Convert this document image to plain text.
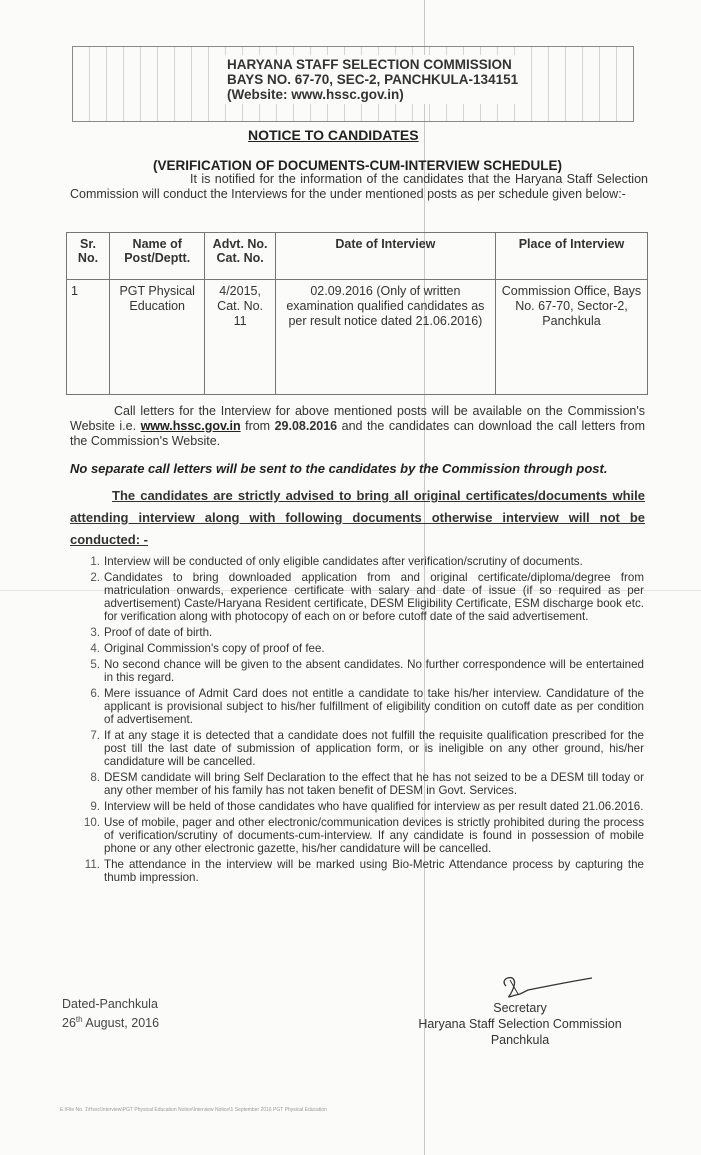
HARYANA STAFF SELECTION COMMISSION
BAYS NO. 67-70, SEC-2, PANCHKULA-134151
(Website: www.hssc.gov.in)
NOTICE TO CANDIDATES
(VERIFICATION OF DOCUMENTS-CUM-INTERVIEW SCHEDULE)
It is notified for the information of the candidates that the Haryana Staff Selection Commission will conduct the Interviews for the under mentioned posts as per schedule given below:-
Sr. No.	Name of Post/Deptt.	Advt. No. Cat. No.	Date of Interview	Place of Interview
1	PGT Physical Education	4/2015, Cat. No. 11	02.09.2016 (Only of written examination qualified candidates as per result notice dated 21.06.2016)	Commission Office, Bays No. 67-70, Sector-2, Panchkula
Call letters for the Interview for above mentioned posts will be available on the Commission's Website i.e. www.hssc.gov.in from 29.08.2016 and the candidates can download the call letters from the Commission's Website.
No separate call letters will be sent to the candidates by the Commission through post.
The candidates are strictly advised to bring all original certificates/documents while attending interview along with following documents otherwise interview will not be conducted: -
1. Interview will be conducted of only eligible candidates after verification/scrutiny of documents.
2. Candidates to bring downloaded application from and original certificate/diploma/degree from matriculation onwards, experience certificate with salary and date of issue (if so required as per advertisement) Caste/Haryana Resident certificate, DESM Eligibility Certificate, ESM discharge book etc. for verification along with photocopy of each on or before cutoff date of the said advertisement.
3. Proof of date of birth.
4. Original Commission's copy of proof of fee.
5. No second chance will be given to the absent candidates. No further correspondence will be entertained in this regard.
6. Mere issuance of Admit Card does not entitle a candidate to take his/her interview. Candidature of the applicant is provisional subject to his/her fulfillment of eligibility condition on cutoff date as per condition of advertisement.
7. If at any stage it is detected that a candidate does not fulfill the requisite qualification prescribed for the post till the last date of submission of application form, or is ineligible on any other ground, his/her candidature will be cancelled.
8. DESM candidate will bring Self Declaration to the effect that he has not seized to be a DESM till today or any other member of his family has not taken benefit of DESM in Govt. Services.
9. Interview will be held of those candidates who have qualified for interview as per result dated 21.06.2016.
10. Use of mobile, pager and other electronic/communication devices is strictly prohibited during the process of verification/scrutiny of documents-cum-interview. If any candidate is found in possession of mobile phone or any other electronic gazette, his/her candidature will be cancelled.
11. The attendance in the interview will be marked using Bio-Metric Attendance process by capturing the thumb impression.
Dated-Panchkula
26th August, 2016
Secretary
Haryana Staff Selection Commission
Panchkula
E:\File No. 1\Hssc\Interview\PGT Physical Education Notice\Interview Notice\1 September 2016 PGT Physical Education
